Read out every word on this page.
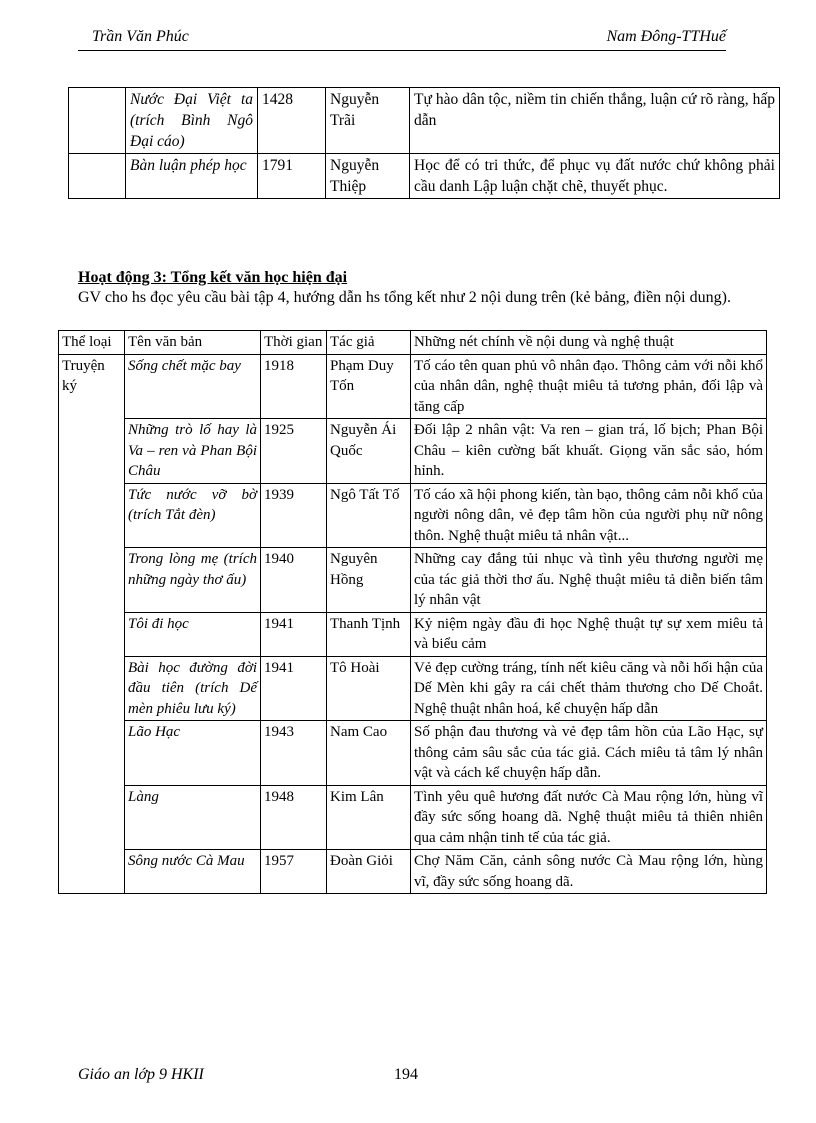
Trần Văn Phúc	Nam Đông-TTHuế
	Nước Đại Việt ta (trích Bình Ngô Đại cáo)	1428	Nguyễn Trãi	Tự hào dân tộc, niềm tin chiến thắng, luận cứ rõ ràng, hấp dẫn
	Bàn luận phép học	1791	Nguyễn Thiệp	Học để có tri thức, để phục vụ đất nước chứ không phải cầu danh Lập luận chặt chẽ, thuyết phục.
Hoạt động 3: Tổng kết văn học hiện đại
GV cho hs đọc yêu cầu bài tập 4, hướng dẫn hs tổng kết như 2 nội dung trên (kẻ bảng, điền nội dung).
Thể loại	Tên văn bản	Thời gian	Tác giả	Những nét chính về nội dung và nghệ thuật
Truyện ký	Sống chết mặc bay	1918	Phạm Duy Tốn	Tố cáo tên quan phủ vô nhân đạo. Thông cảm với nỗi khổ của nhân dân, nghệ thuật miêu tả tương phản, đối lập và tăng cấp
	Những trò lố hay là Va – ren và Phan Bội Châu	1925	Nguyễn Ái Quốc	Đối lập 2 nhân vật: Va ren – gian trá, lố bịch; Phan Bội Châu – kiên cường bất khuất. Giọng văn sắc sảo, hóm hỉnh.
	Tức nước vỡ bờ (trích Tắt đèn)	1939	Ngô Tất Tố	Tố cáo xã hội phong kiến, tàn bạo, thông cảm nỗi khổ của người nông dân, vẻ đẹp tâm hồn của người phụ nữ nông thôn. Nghệ thuật miêu tả nhân vật...
	Trong lòng mẹ (trích những ngày thơ ấu)	1940	Nguyên Hồng	Những cay đắng tủi nhục và tình yêu thương người mẹ của tác giả thời thơ ấu. Nghệ thuật miêu tả diễn biến tâm lý nhân vật
	Tôi đi học	1941	Thanh Tịnh	Kỷ niệm ngày đầu đi học Nghệ thuật tự sự xem miêu tả và biểu cảm
	Bài học đường đời đầu tiên (trích Dế mèn phiêu lưu ký)	1941	Tô Hoài	Vẻ đẹp cường tráng, tính nết kiêu căng và nỗi hối hận của Dế Mèn khi gây ra cái chết thảm thương cho Dế Choắt. Nghệ thuật nhân hoá, kể chuyện hấp dẫn
	Lão Hạc	1943	Nam Cao	Số phận đau thương và vẻ đẹp tâm hồn của Lão Hạc, sự thông cảm sâu sắc của tác giả. Cách miêu tả tâm lý nhân vật và cách kể chuyện hấp dẫn.
	Làng	1948	Kim Lân	Tình yêu quê hương đất nước Cà Mau rộng lớn, hùng vĩ đầy sức sống hoang dã. Nghệ thuật miêu tả thiên nhiên qua cảm nhận tinh tế của tác giả.
	Sông nước Cà Mau	1957	Đoàn Giỏi	Chợ Năm Căn, cảnh sông nước Cà Mau rộng lớn, hùng vĩ, đầy sức sống hoang dã.
Giáo an lớp 9 HKII	194
